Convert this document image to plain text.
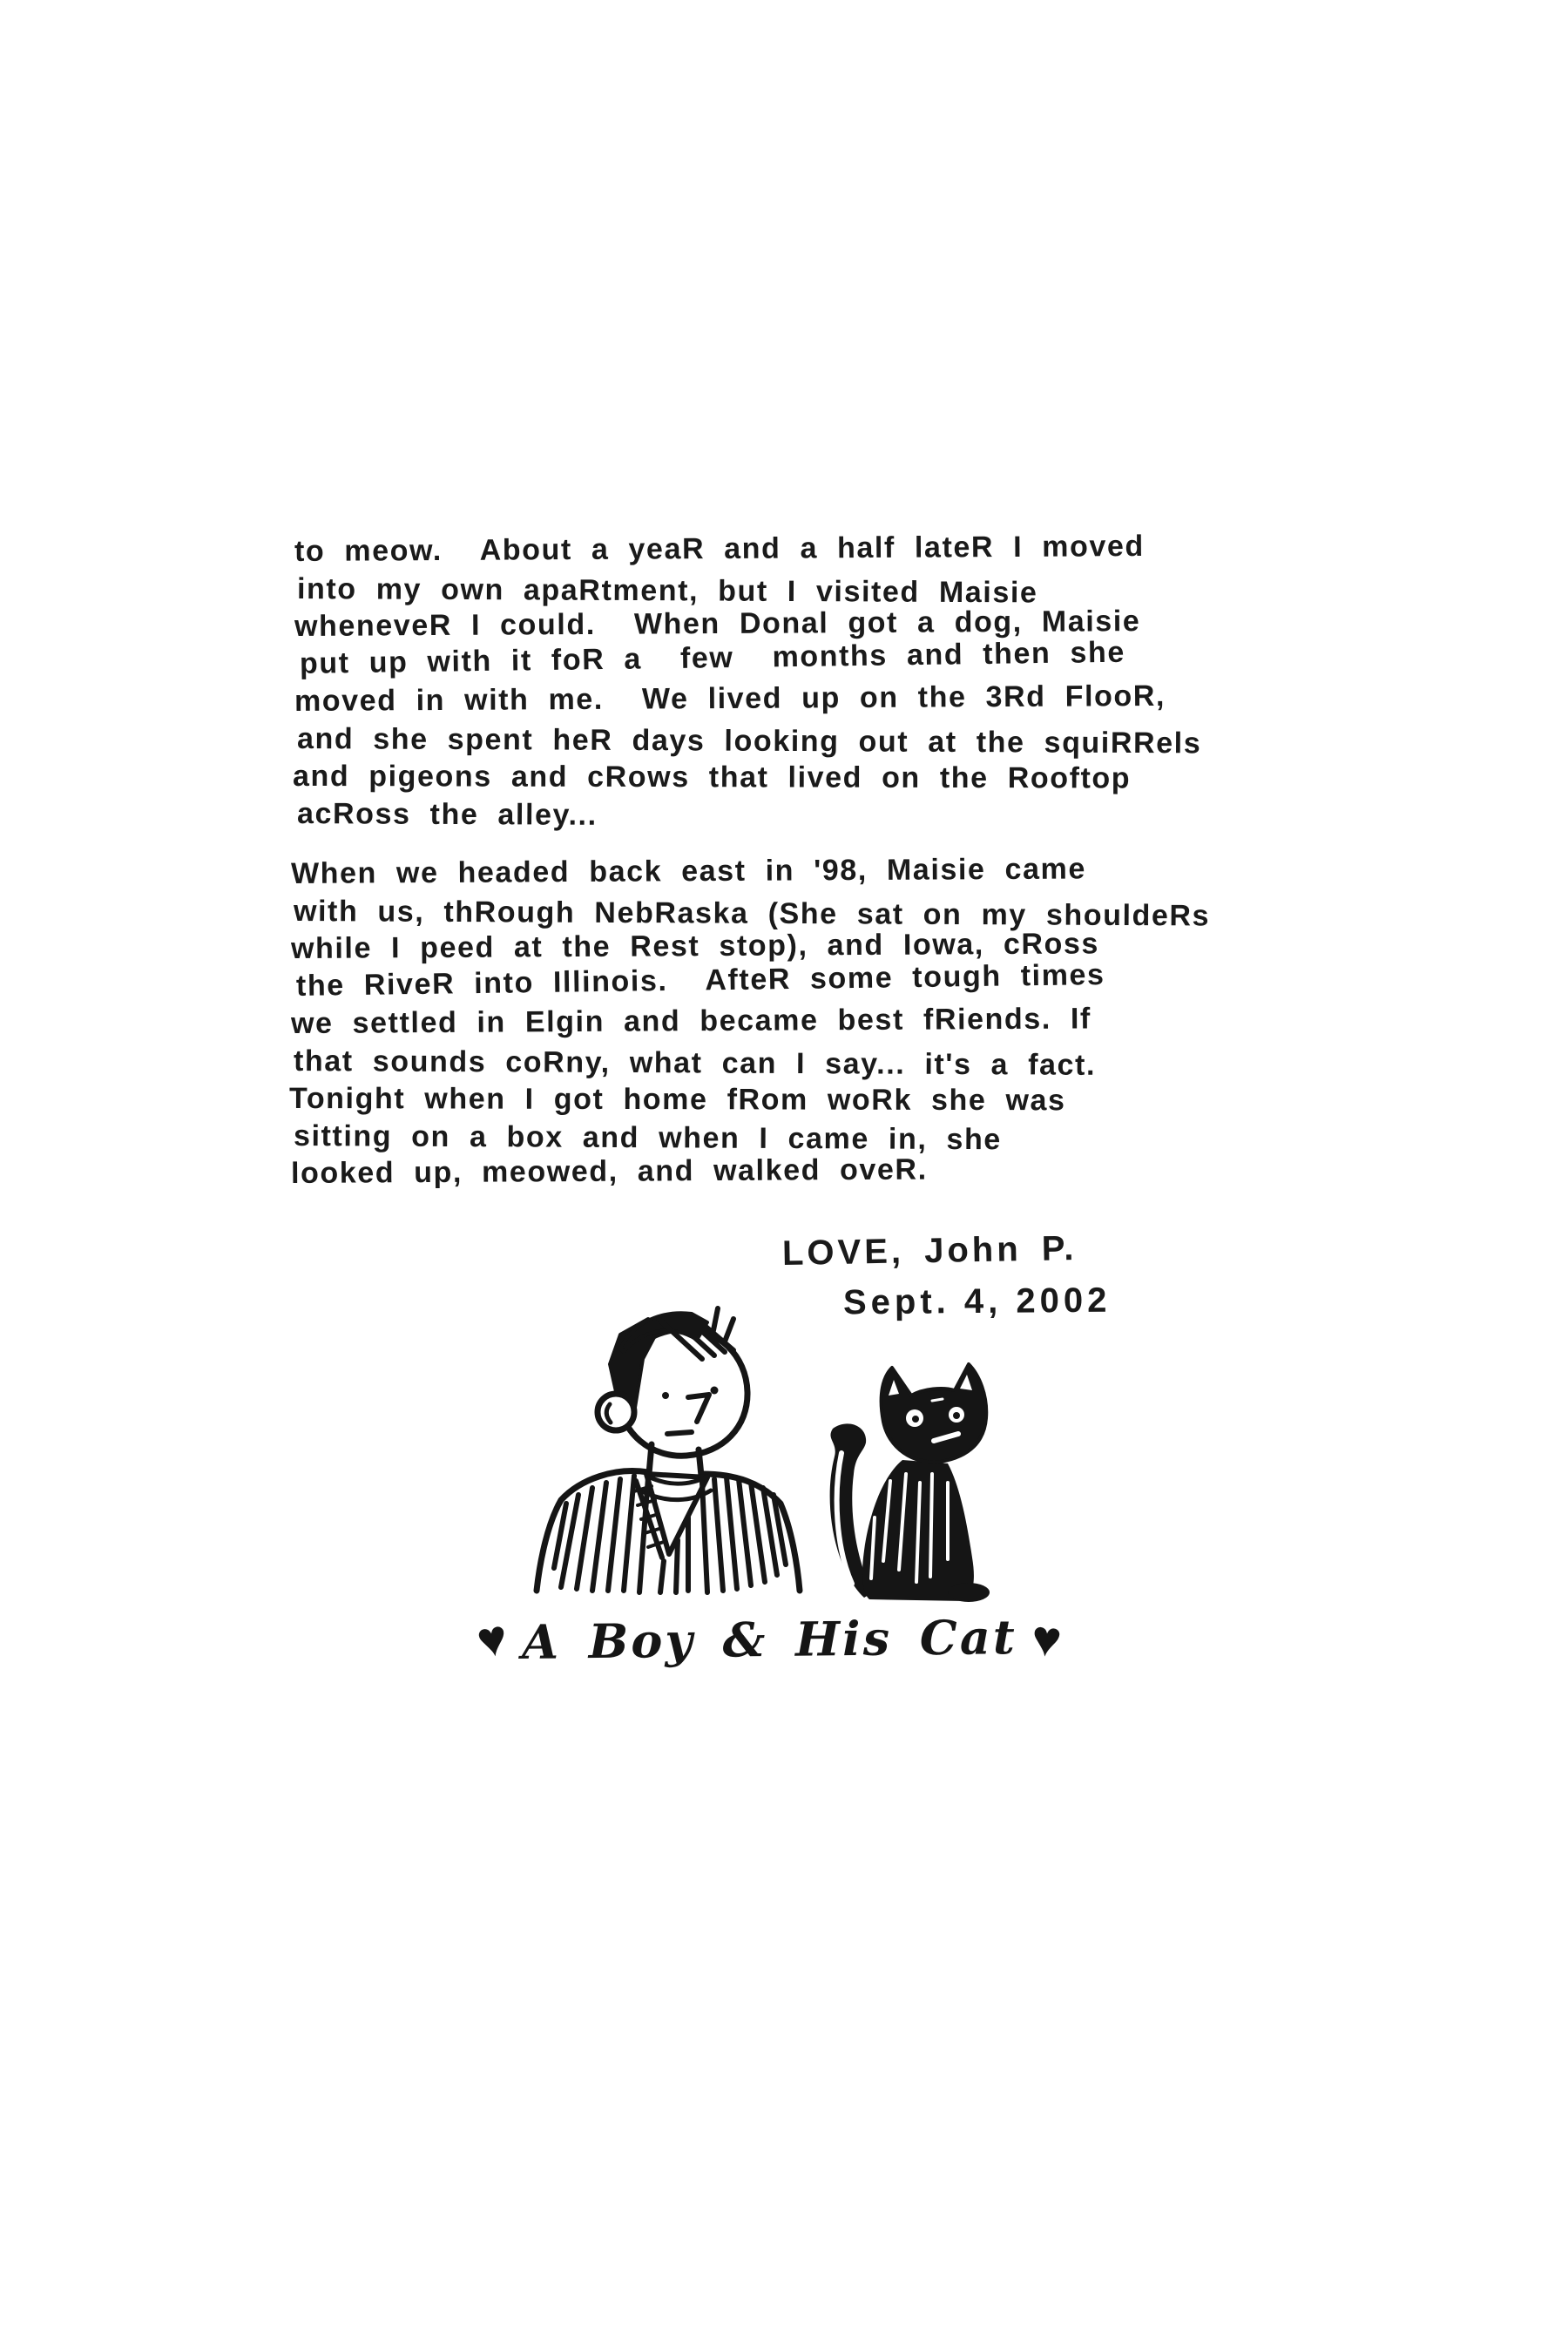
to meow.  About a yeaR and a half lateR I moved
into my own apaRtment, but I visited Maisie
wheneveR I could.  When Donal got a dog, Maisie
put up with it foR a  few  months and then she
moved in with me.  We lived up on the 3Rd FlooR,
and she spent heR days looking out at the squiRRels
and pigeons and cRows that lived on the Rooftop
acRoss the alley...
When we headed back east in '98, Maisie came
with us, thRough NebRaska (She sat on my shouldeRs
while I peed at the Rest stop), and Iowa, cRoss
the RiveR into Illinois.  AfteR some tough times
we settled in Elgin and became best fRiends. If
that sounds coRny, what can I say... it's a fact.
Tonight when I got home fRom woRk she was
sitting on a box and when I came in, she
looked up, meowed, and walked oveR.
LOVE, John P.
Sept. 4, 2002
♥ A Boy & His Cat ♥
